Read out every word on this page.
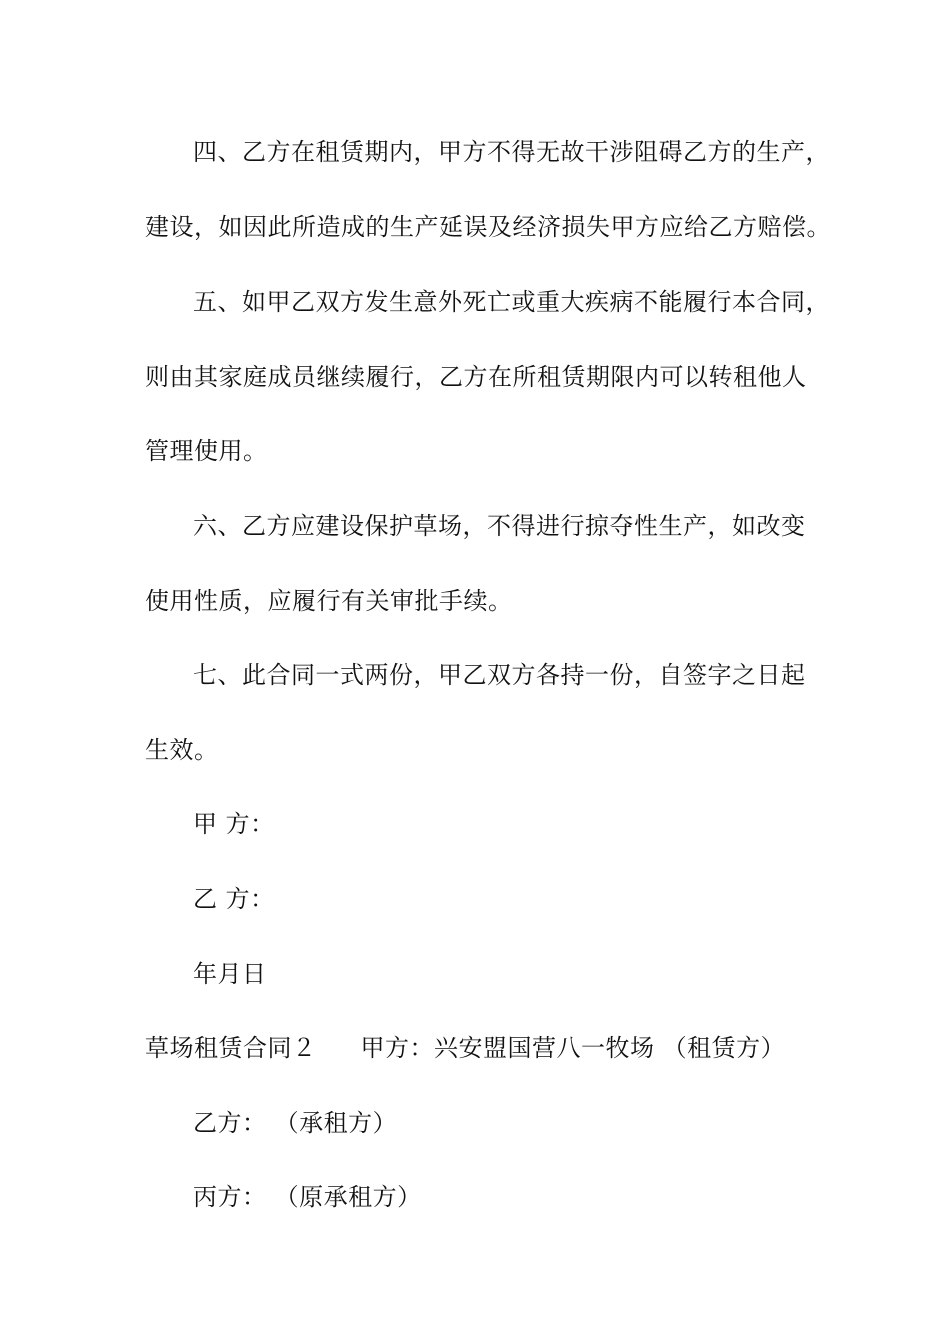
四、乙方在租赁期内，甲方不得无故干涉阻碍乙方的生产，
建设，如因此所造成的生产延误及经济损失甲方应给乙方赔偿。
五、如甲乙双方发生意外死亡或重大疾病不能履行本合同，
则由其家庭成员继续履行，乙方在所租赁期限内可以转租他人
管理使用。
六、乙方应建设保护草场，不得进行掠夺性生产，如改变
使用性质，应履行有关审批手续。
七、此合同一式两份，甲乙双方各持一份，自签字之日起
生效。
甲 方：
乙 方：
年月日
草场租赁合同２ 甲方：兴安盟国营八一牧场 （租赁方）
乙方： （承租方）
丙方： （原承租方）
